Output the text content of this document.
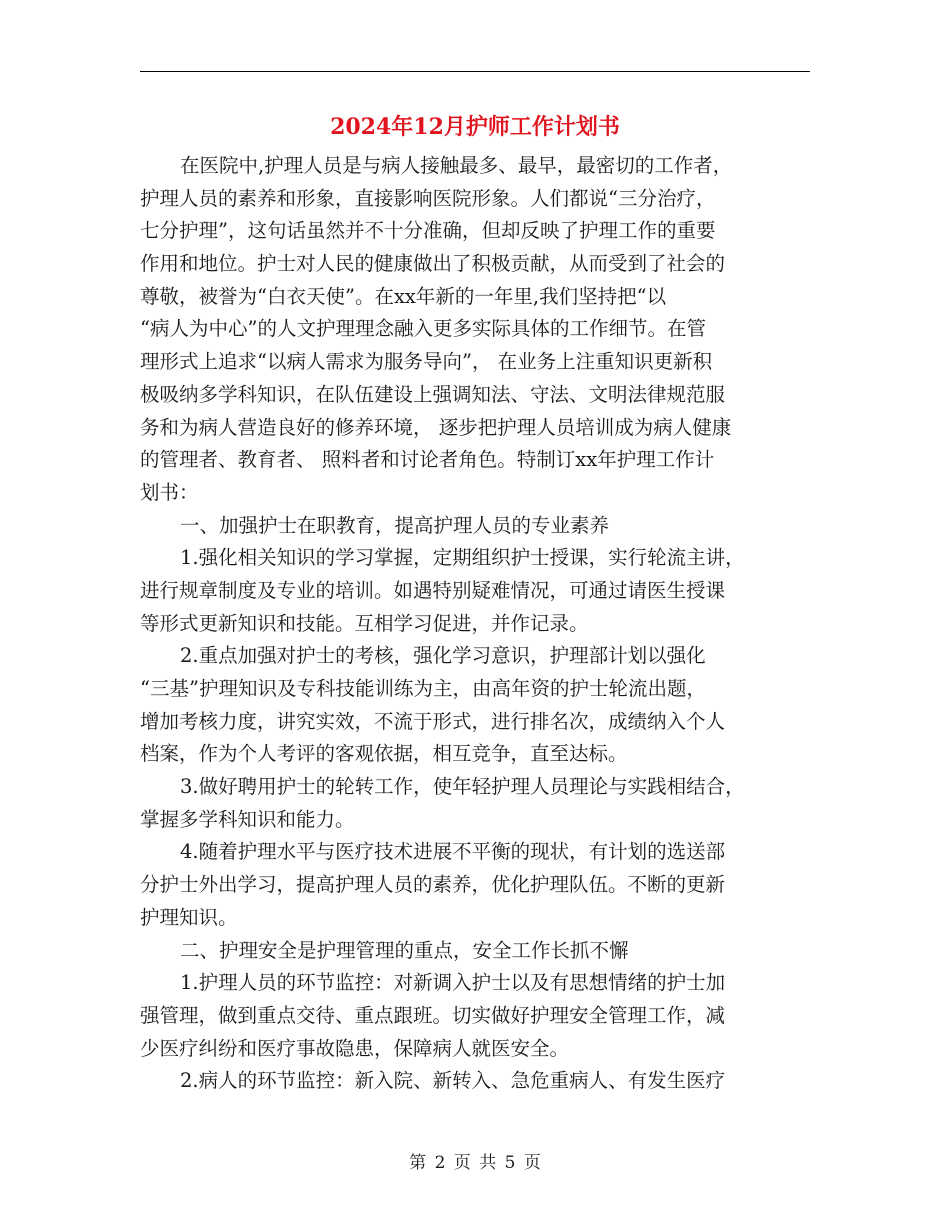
2024年12月护师工作计划书

在医院中,护理人员是与病人接触最多、最早，最密切的工作者，

护理人员的素养和形象，直接影响医院形象。人们都说“三分治疗，

七分护理”，这句话虽然并不十分准确，但却反映了护理工作的重要

作用和地位。护士对人民的健康做出了积极贡献，从而受到了社会的

尊敬，被誉为“白衣天使”。在xx年新的一年里,我们坚持把“以

“病人为中心”的人文护理理念融入更多实际具体的工作细节。在管

理形式上追求“以病人需求为服务导向”， 在业务上注重知识更新积

极吸纳多学科知识，在队伍建设上强调知法、守法、文明法律规范服

务和为病人营造良好的修养环境， 逐步把护理人员培训成为病人健康

的管理者、教育者、 照料者和讨论者角色。特制订xx年护理工作计

划书：

一、加强护士在职教育，提高护理人员的专业素养

1.强化相关知识的学习掌握，定期组织护士授课，实行轮流主讲，

进行规章制度及专业的培训。如遇特别疑难情况，可通过请医生授课

等形式更新知识和技能。互相学习促进，并作记录。

2.重点加强对护士的考核，强化学习意识，护理部计划以强化

“三基”护理知识及专科技能训练为主，由高年资的护士轮流出题，

增加考核力度，讲究实效，不流于形式，进行排名次，成绩纳入个人

档案，作为个人考评的客观依据，相互竞争，直至达标。

3.做好聘用护士的轮转工作，使年轻护理人员理论与实践相结合，

掌握多学科知识和能力。

4.随着护理水平与医疗技术进展不平衡的现状，有计划的选送部

分护士外出学习，提高护理人员的素养，优化护理队伍。不断的更新

护理知识。

二、护理安全是护理管理的重点，安全工作长抓不懈

1.护理人员的环节监控：对新调入护士以及有思想情绪的护士加

强管理，做到重点交待、重点跟班。切实做好护理安全管理工作，减

少医疗纠纷和医疗事故隐患，保障病人就医安全。

2.病人的环节监控：新入院、新转入、急危重病人、有发生医疗

第 2 页 共 5 页
